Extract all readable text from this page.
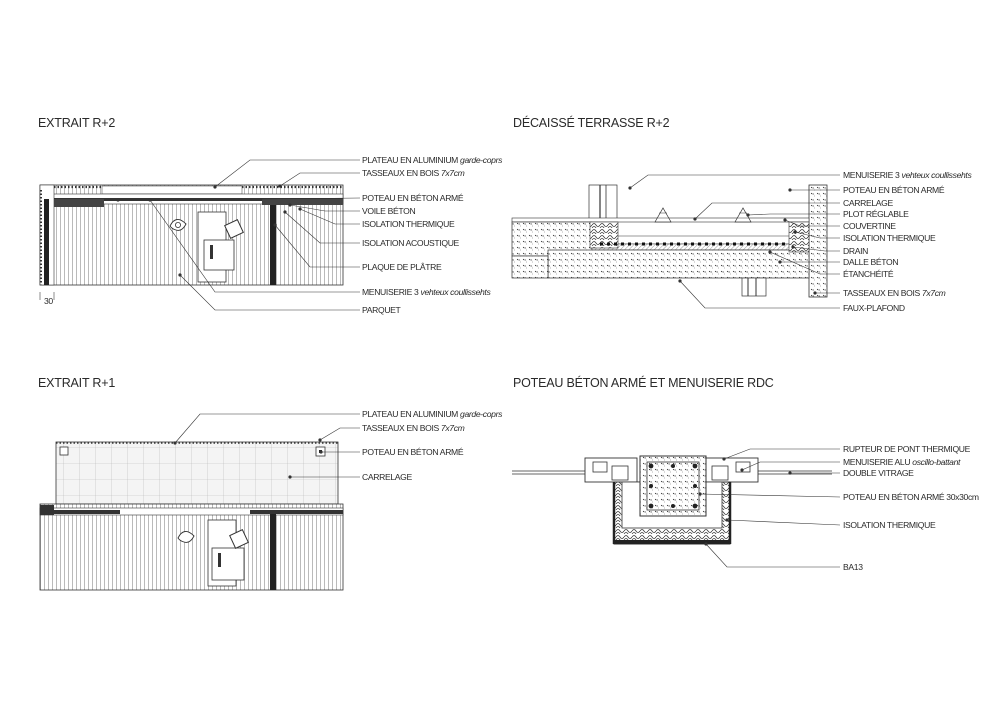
EXTRAIT R+2	DÉCAISSÉ TERRASSE R+2
EXTRAIT R+1	POTEAU BÉTON ARMÉ ET MENUISERIE RDC
30
PLATEAU EN ALUMINIUM garde-coprs
TASSEAUX EN BOIS 7x7cm
POTEAU EN BÉTON ARMÉ
VOILE BÉTON
ISOLATION THERMIQUE
ISOLATION ACOUSTIQUE
PLAQUE DE PLÂTRE
MENUISERIE 3 vehteux coullissehts
PARQUET
MENUISERIE 3 vehteux coullissehts
POTEAU EN BÉTON ARMÉ
CARRELAGE
PLOT RÉGLABLE
COUVERTINE
ISOLATION THERMIQUE
DRAIN
DALLE BÉTON
ÉTANCHÉITÉ
TASSEAUX EN BOIS 7x7cm
FAUX-PLAFOND
PLATEAU EN ALUMINIUM garde-coprs
TASSEAUX EN BOIS 7x7cm
POTEAU EN BÉTON ARMÉ
CARRELAGE
RUPTEUR DE PONT THERMIQUE
MENUISERIE ALU oscillo-battant
DOUBLE VITRAGE
POTEAU EN BÉTON ARMÉ 30x30cm
ISOLATION THERMIQUE
BA13
